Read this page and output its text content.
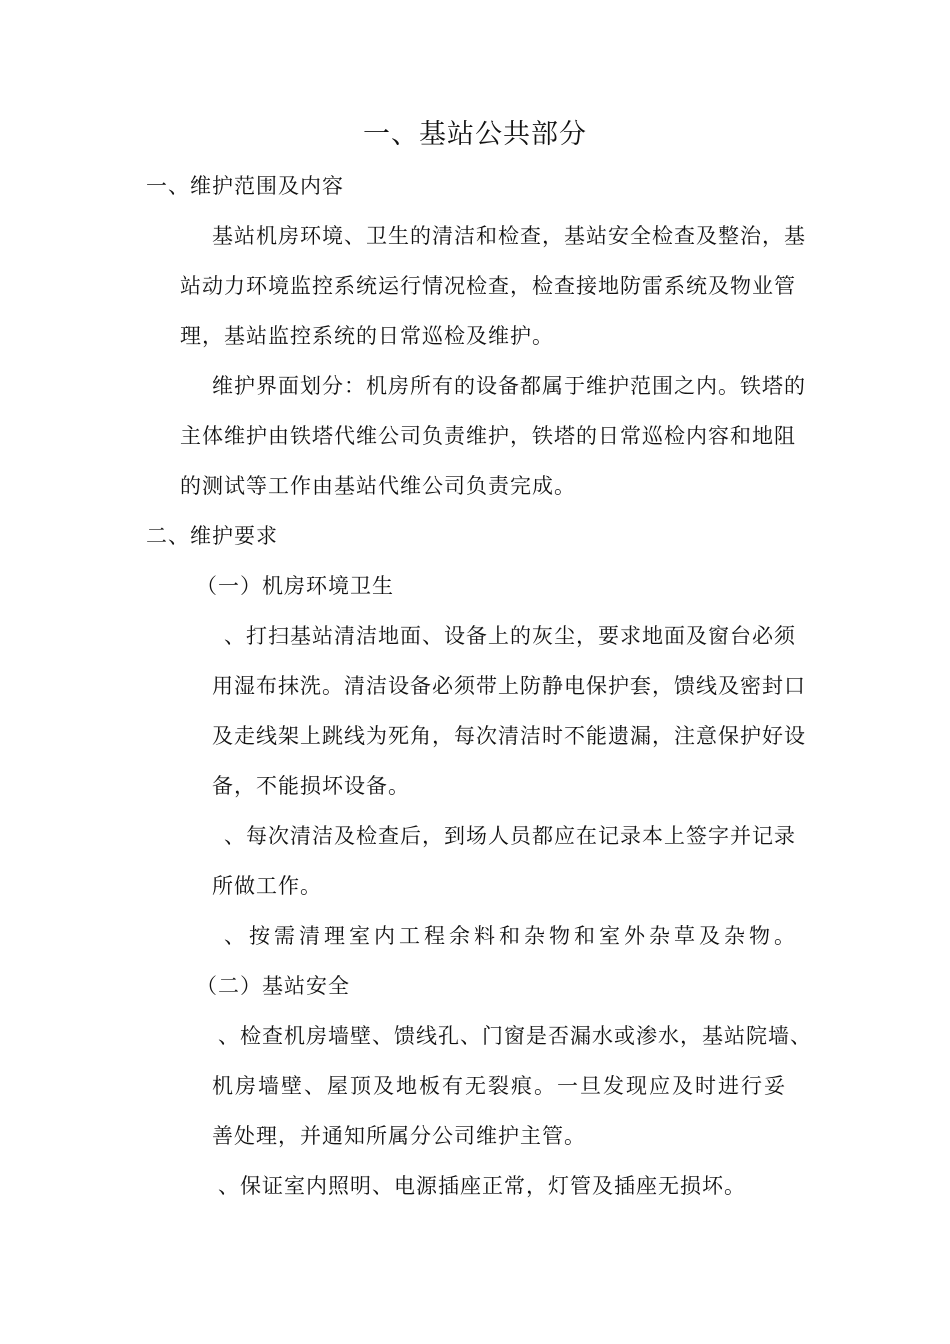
一、基站公共部分
一、维护范围及内容
基站机房环境、卫生的清洁和检查，基站安全检查及整治，基
站动力环境监控系统运行情况检查，检查接地防雷系统及物业管
理，基站监控系统的日常巡检及维护。
维护界面划分：机房所有的设备都属于维护范围之内。铁塔的
主体维护由铁塔代维公司负责维护，铁塔的日常巡检内容和地阻
的测试等工作由基站代维公司负责完成。
二、维护要求
（一）机房环境卫生
、打扫基站清洁地面、设备上的灰尘，要求地面及窗台必须
用湿布抹洗。清洁设备必须带上防静电保护套，馈线及密封口
及走线架上跳线为死角，每次清洁时不能遗漏，注意保护好设
备，不能损坏设备。
、每次清洁及检查后，到场人员都应在记录本上签字并记录
所做工作。
、按需清理室内工程余料和杂物和室外杂草及杂物。
（二）基站安全
、检查机房墙壁、馈线孔、门窗是否漏水或渗水，基站院墙、
机房墙壁、屋顶及地板有无裂痕。一旦发现应及时进行妥
善处理，并通知所属分公司维护主管。
、保证室内照明、电源插座正常，灯管及插座无损坏。
